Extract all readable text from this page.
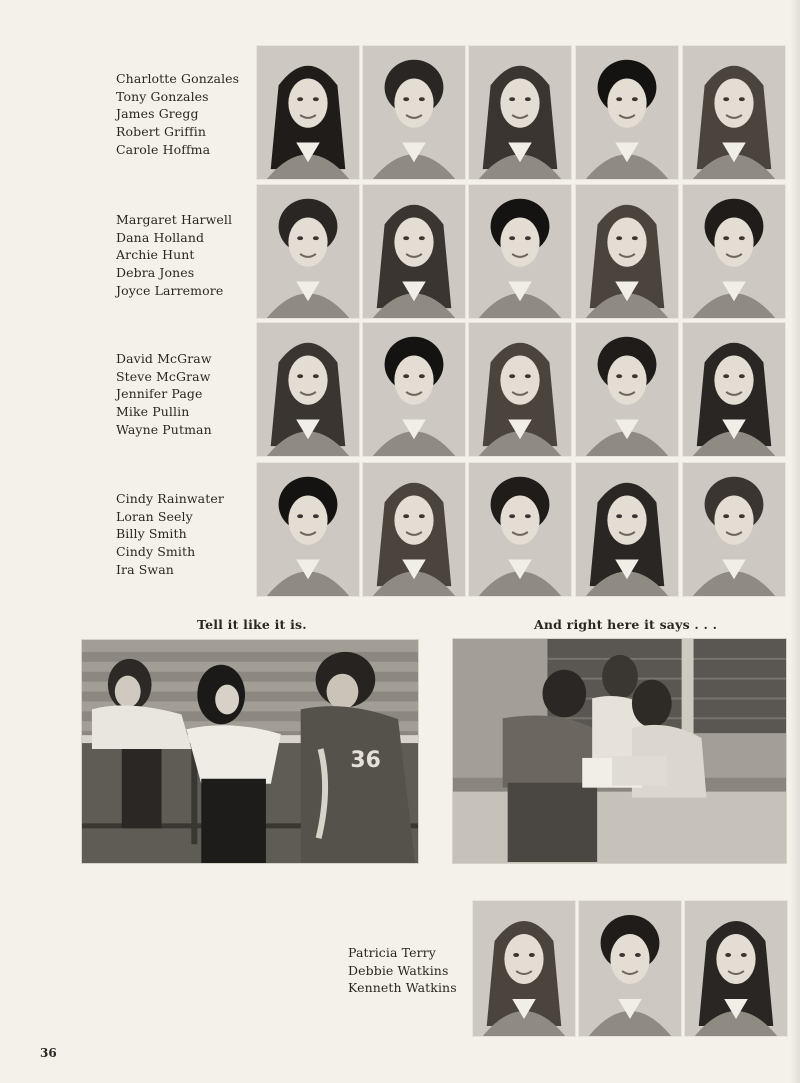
Charlotte Gonzales
Tony Gonzales
James Gregg
Robert Griffin
Carole Hoffma
Margaret Harwell
Dana Holland
Archie Hunt
Debra Jones
Joyce Larremore
David McGraw
Steve McGraw
Jennifer Page
Mike Pullin
Wayne Putman
Cindy Rainwater
Loran Seely
Billy Smith
Cindy Smith
Ira Swan
Patricia Terry
Debbie Watkins
Kenneth Watkins
Tell it like it is.	And right here it says . . .
36
36
